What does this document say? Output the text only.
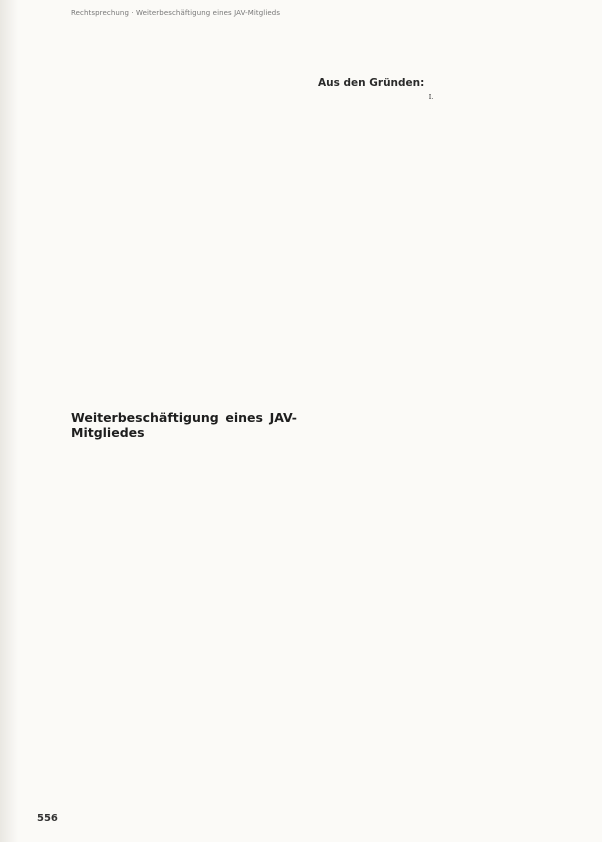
Rechtsprechung · Weiterbeschäftigung eines JAV-Mitglieds

Weiterbeschäftigung eines JAV-Mitgliedes

Aus den Gründen:

I.

556
